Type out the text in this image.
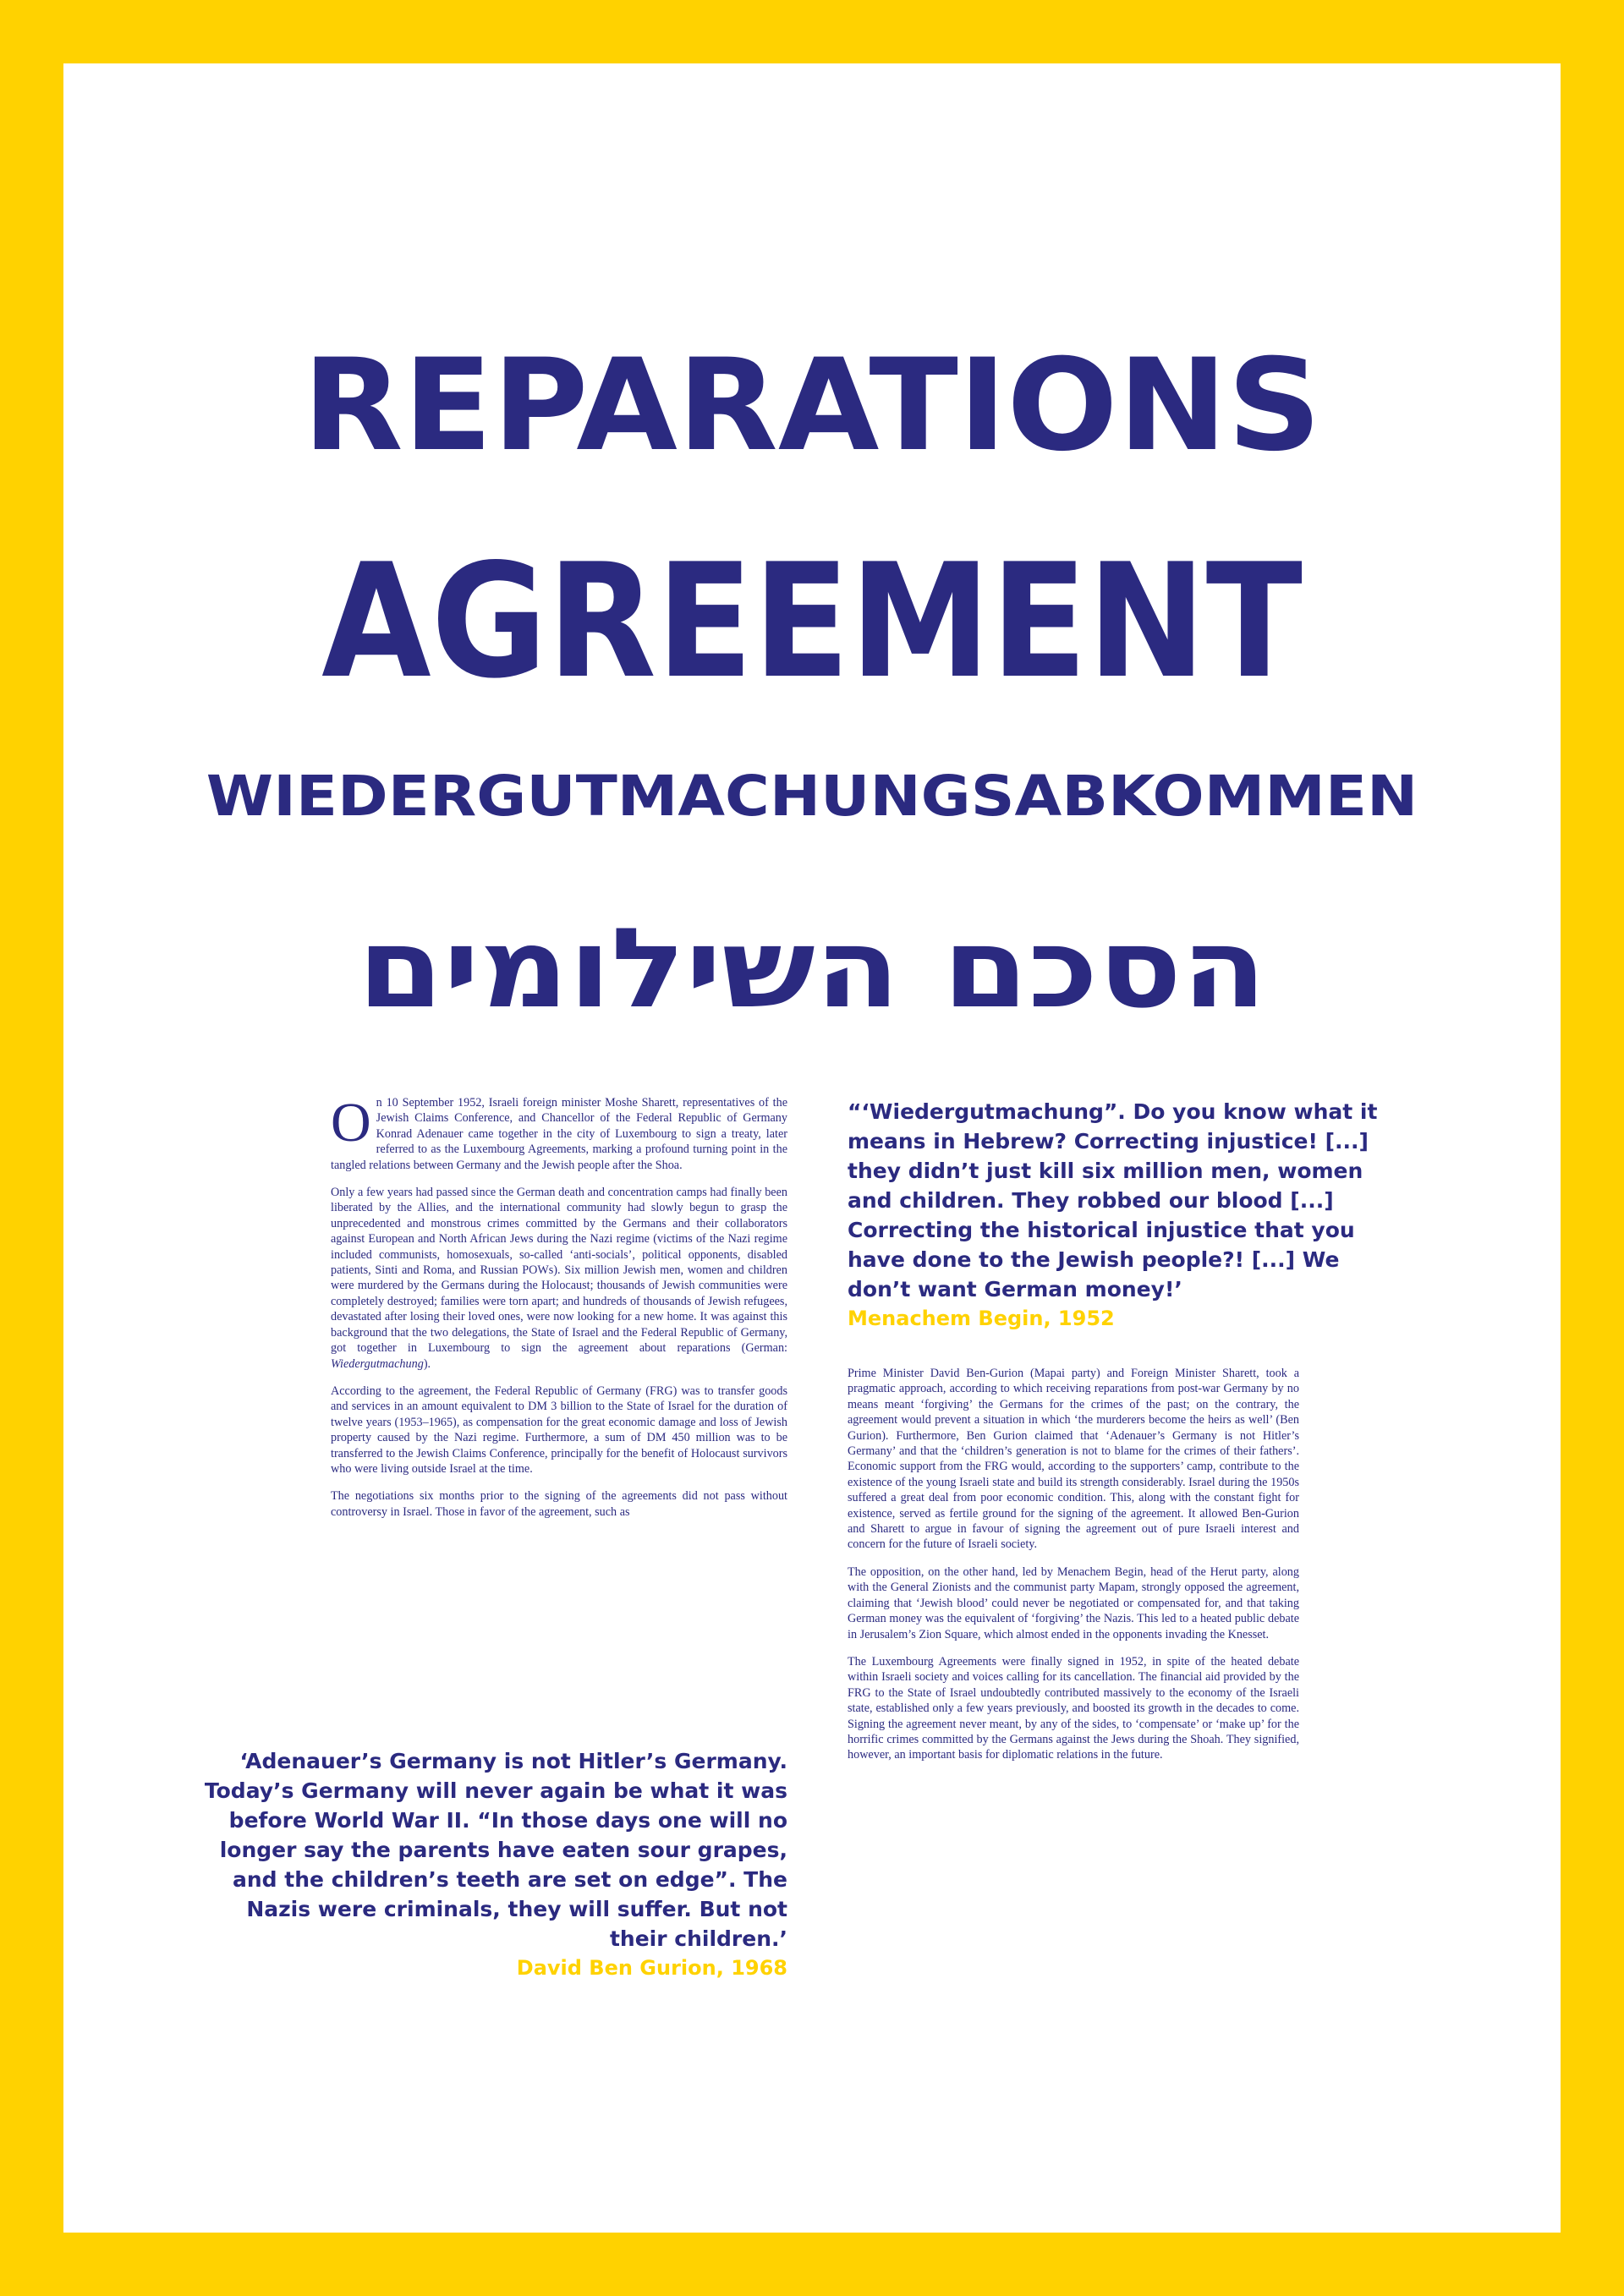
REPARATIONS
AGREEMENT
WIEDERGUTMACHUNGSABKOMMEN
הסכם השילומים

On 10 September 1952, Israeli foreign minister Moshe Sharett, representatives of the Jewish Claims Conference, and Chancellor of the Federal Republic of Germany Konrad Adenauer came together in the city of Luxembourg to sign a treaty, later referred to as the Luxembourg Agreements, marking a profound turning point in the tangled relations between Germany and the Jewish people after the Shoa.

Only a few years had passed since the German death and concentration camps had finally been liberated by the Allies, and the international community had slowly begun to grasp the unprecedented and monstrous crimes committed by the Germans and their collaborators against European and North African Jews during the Nazi regime (victims of the Nazi regime included communists, homosexuals, so-called ‘anti-socials’, political opponents, disabled patients, Sinti and Roma, and Russian POWs). Six million Jewish men, women and children were murdered by the Germans during the Holocaust; thousands of Jewish communities were completely destroyed; families were torn apart; and hundreds of thousands of Jewish refugees, devastated after losing their loved ones, were now looking for a new home. It was against this background that the two delegations, the State of Israel and the Federal Republic of Germany, got together in Luxembourg to sign the agreement about reparations (German: Wiedergutmachung).

According to the agreement, the Federal Republic of Germany (FRG) was to transfer goods and services in an amount equivalent to DM 3 billion to the State of Israel for the duration of twelve years (1953–1965), as compensation for the great economic damage and loss of Jewish property caused by the Nazi regime. Furthermore, a sum of DM 450 million was to be transferred to the Jewish Claims Conference, principally for the benefit of Holocaust survivors who were living outside Israel at the time.

The negotiations six months prior to the signing of the agreements did not pass without controversy in Israel. Those in favor of the agreement, such as

“‘Wiedergutmachung”. Do you know what it means in Hebrew? Correcting injustice! [...] they didn’t just kill six million men, women and children. They robbed our blood [...] Correcting the historical injustice that you have done to the Jewish people?! [...] We don’t want German money!’
Menachem Begin, 1952

Prime Minister David Ben-Gurion (Mapai party) and Foreign Minister Sharett, took a pragmatic approach, according to which receiving reparations from post-war Germany by no means meant ‘forgiving’ the Germans for the crimes of the past; on the contrary, the agreement would prevent a situation in which ‘the murderers become the heirs as well’ (Ben Gurion). Furthermore, Ben Gurion claimed that ‘Adenauer’s Germany is not Hitler’s Germany’ and that the ‘children’s generation is not to blame for the crimes of their fathers’. Economic support from the FRG would, according to the supporters’ camp, contribute to the existence of the young Israeli state and build its strength considerably. Israel during the 1950s suffered a great deal from poor economic condition. This, along with the constant fight for existence, served as fertile ground for the signing of the agreement. It allowed Ben-Gurion and Sharett to argue in favour of signing the agreement out of pure Israeli interest and concern for the future of Israeli society.

The opposition, on the other hand, led by Menachem Begin, head of the Herut party, along with the General Zionists and the communist party Mapam, strongly opposed the agreement, claiming that ‘Jewish blood’ could never be negotiated or compensated for, and that taking German money was the equivalent of ‘forgiving’ the Nazis. This led to a heated public debate in Jerusalem’s Zion Square, which almost ended in the opponents invading the Knesset.

The Luxembourg Agreements were finally signed in 1952, in spite of the heated debate within Israeli society and voices calling for its cancellation. The financial aid provided by the FRG to the State of Israel undoubtedly contributed massively to the economy of the Israeli state, established only a few years previously, and boosted its growth in the decades to come. Signing the agreement never meant, by any of the sides, to ‘compensate’ or ‘make up’ for the horrific crimes committed by the Germans against the Jews during the Shoah. They signified, however, an important basis for diplomatic relations in the future.

‘Adenauer’s Germany is not Hitler’s Germany. Today’s Germany will never again be what it was before World War II. “In those days one will no longer say the parents have eaten sour grapes, and the children’s teeth are set on edge”. The Nazis were criminals, they will suffer. But not their children.’
David Ben Gurion, 1968
